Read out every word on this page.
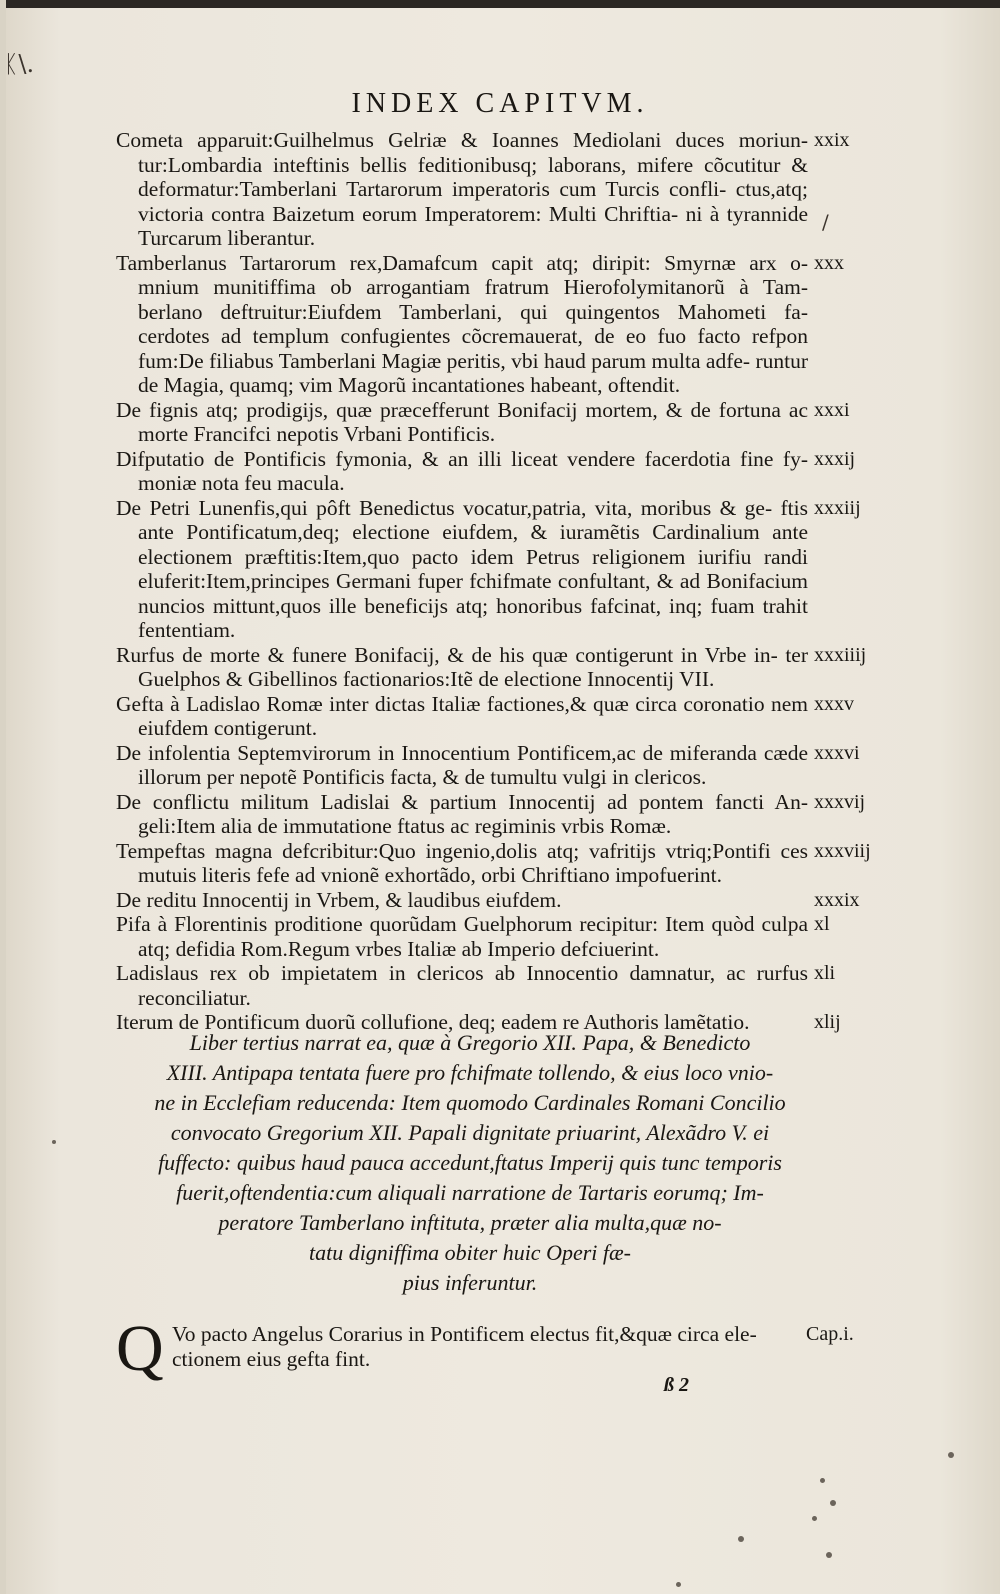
ᛕ\.
INDEX CAPITVM.
Cometa apparuit:Guilhelmus Gelriæ & Ioannes Mediolani duces moriun- tur:Lombardia inteftinis bellis feditionibusq; laborans, mifere cõcutitur & deformatur:Tamberlani Tartarorum imperatoris cum Turcis confli- ctus,atq; victoria contra Baizetum eorum Imperatorem: Multi Chriftia- ni à tyrannide Turcarum liberantur.
xxix
Tamberlanus Tartarorum rex,Damafcum capit atq; diripit: Smyrnæ arx o- mnium munitiffima ob arrogantiam fratrum Hierofolymitanorũ à Tam- berlano deftruitur:Eiufdem Tamberlani, qui quingentos Mahometi fa- cerdotes ad templum confugientes cõcremauerat, de eo fuo facto refpon fum:De filiabus Tamberlani Magiæ peritis, vbi haud parum multa adfe- runtur de Magia, quamq; vim Magorũ incantationes habeant, oftendit.
xxx
De fignis atq; prodigijs, quæ præcefferunt Bonifacij mortem, & de fortuna ac morte Francifci nepotis Vrbani Pontificis.
xxxi
Difputatio de Pontificis fymonia, & an illi liceat vendere facerdotia fine fy- moniæ nota feu macula.
xxxij
De Petri Lunenfis,qui pôft Benedictus vocatur,patria, vita, moribus & ge- ftis ante Pontificatum,deq; electione eiufdem, & iuramẽtis Cardinalium ante electionem præftitis:Item,quo pacto idem Petrus religionem iurifiu randi eluferit:Item,principes Germani fuper fchifmate confultant, & ad Bonifacium nuncios mittunt,quos ille beneficijs atq; honoribus fafcinat, inq; fuam trahit fententiam.
xxxiij
Rurfus de morte & funere Bonifacij, & de his quæ contigerunt in Vrbe in- ter Guelphos & Gibellinos factionarios:Itẽ de electione Innocentij VII.
xxxiiij
Gefta à Ladislao Romæ inter dictas Italiæ factiones,& quæ circa coronatio nem eiufdem contigerunt.
xxxv
De infolentia Septemvirorum in Innocentium Pontificem,ac de miferanda cæde illorum per nepotẽ Pontificis facta, & de tumultu vulgi in clericos.
xxxvi
De conflictu militum Ladislai & partium Innocentij ad pontem fancti An- geli:Item alia de immutatione ftatus ac regiminis vrbis Romæ.
xxxvij
Tempeftas magna defcribitur:Quo ingenio,dolis atq; vafritijs vtriq;Pontifi ces mutuis literis fefe ad vnionẽ exhortãdo, orbi Chriftiano impofuerint.
xxxviij
De reditu Innocentij in Vrbem, & laudibus eiufdem.	xxxix
Pifa à Florentinis proditione quorũdam Guelphorum recipitur: Item quòd culpa atq; defidia Rom.Regum vrbes Italiæ ab Imperio defciuerint.
xl
Ladislaus rex ob impietatem in clericos ab Innocentio damnatur, ac rurfus reconciliatur.
xli
Iterum de Pontificum duorũ collufione, deq; eadem re Authoris lamẽtatio.	xlij
/
Liber tertius narrat ea, quæ à Gregorio XII. Papa, & Benedicto
XIII. Antipapa tentata fuere pro fchifmate tollendo, & eius loco vnio-
ne in Ecclefiam reducenda: Item quomodo Cardinales Romani Concilio
convocato Gregorium XII. Papali dignitate priuarint, Alexãdro V. ei
fuffecto: quibus haud pauca accedunt,ftatus Imperij quis tunc temporis
fuerit,oftendentia:cum aliquali narratione de Tartaris eorumq; Im-
peratore Tamberlano inftituta, præter alia multa,quæ no-
tatu digniffima obiter huic Operi fæ-
pius inferuntur.
Q Vo pacto Angelus Corarius in Pontificem electus fit,&quæ circa ele- ctionem eius gefta fint.
Cap.i.
ß 2
